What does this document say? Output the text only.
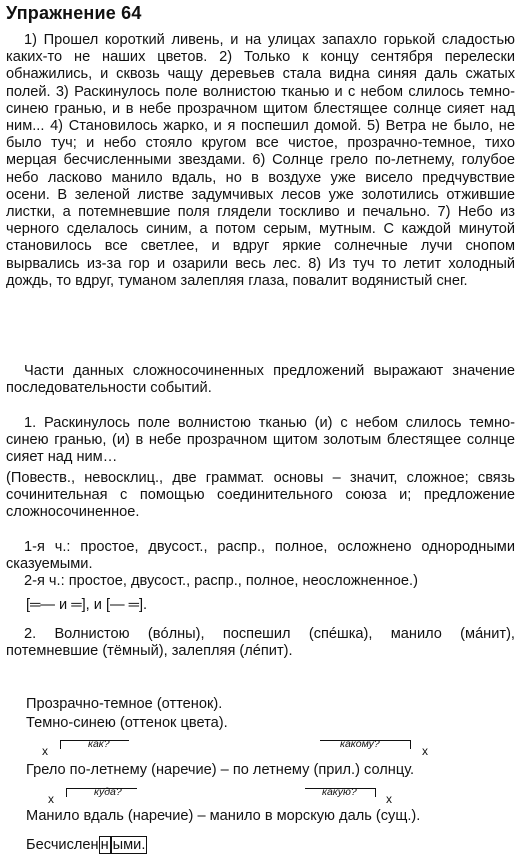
Упражнение 64
1) Прошел короткий ливень, и на улицах запахло горькой сладостью каких-то не наших цветов. 2) Только к концу сентября перелески обнажились, и сквозь чащу деревьев стала видна синяя даль сжатых полей. 3) Раскинулось поле волнистою тканью и с небом слилось темно-синею гранью, и в небе прозрачном щитом блестящее солнце сияет над ним... 4) Становилось жарко, и я поспешил домой. 5) Ветра не было, не было туч; и небо стояло кругом все чистое, прозрачно-темное, тихо мерцая бесчисленными звездами. 6) Солнце грело по-летнему, голубое небо ласково манило вдаль, но в воздухе уже висело предчувствие осени. В зеленой листве задумчивых лесов уже золотились отжившие листки, а потемневшие поля глядели тоскливо и печально. 7) Небо из черного сделалось синим, а потом серым, мутным. С каждой минутой становилось все светлее, и вдруг яркие солнечные лучи снопом вырвались из-за гор и озарили весь лес. 8) Из туч то летит холодный дождь, то вдруг, туманом залепляя глаза, повалит водянистый снег.
Части данных сложносочиненных предложений выражают значение последовательности событий.
1. Раскинулось поле волнистою тканью (и) с небом слилось темно-синею гранью, (и) в небе прозрачном щитом золотым блестящее солнце сияет над ним…
(Повеств., невосклиц., две граммат. основы – значит, сложное; связь сочинительная с помощью соединительного союза и; предложение сложносочиненное.
1-я ч.: простое, двусост., распр., полное, осложнено однородными сказуемыми.
2-я ч.: простое, двусост., распр., полное, неосложненное.)
[═— и ═], и [— ═].
2. Волнистою (вóлны), поспешил (спéшка), манило (мáнит), потемневшие (тёмный), залепляя (лéпит).
Прозрачно-темное (оттенок).
Темно-синею (оттенок цвета).
x	как?	какому?	x
Грело по-летнему (наречие) – по летнему (прил.) солнцу.
x	куда?	какую? x
Манило вдаль (наречие) – манило в морскую даль (сущ.).
Бесчислен н ыми.
